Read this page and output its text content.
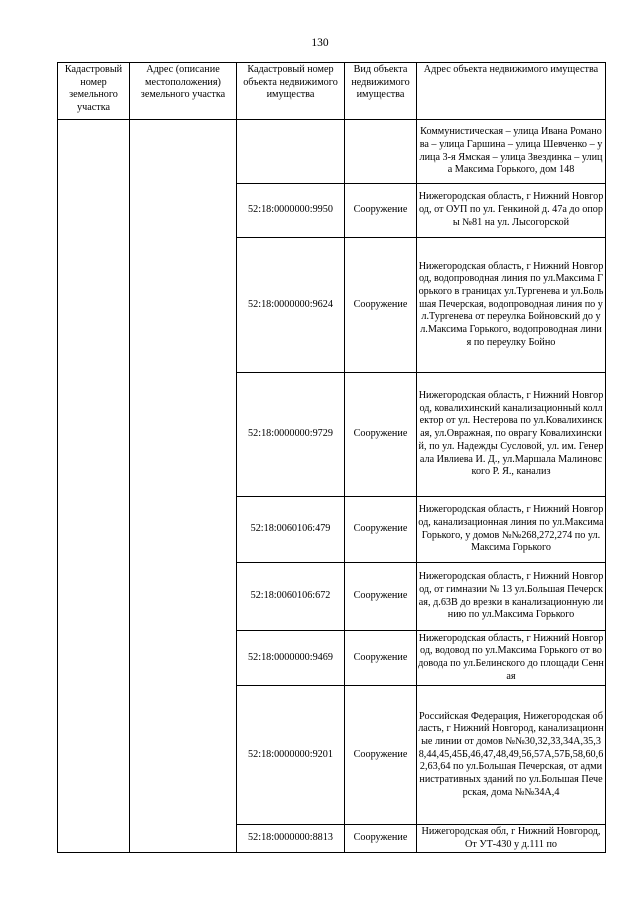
130
Кадастровый номер земельного участка	Адрес (описание местоположения) земельного участка	Кадастровый номер объекта недвижимого имущества	Вид объекта недвижимого имущества	Адрес объекта недвижимого имущества
				Коммунистическая – улица Ивана Романова – улица Гаршина – улица Шевченко – улица 3-я Ямская – улица Звездинка – улица Максима Горького, дом 148
		52:18:0000000:9950	Сооружение	Нижегородская область, г Нижний Новгород, от ОУП по ул. Генкиной д. 47а до опоры №81 на ул. Лысогорской
		52:18:0000000:9624	Сооружение	Нижегородская область, г Нижний Новгород, водопроводная линия по ул.Максима Горького в границах ул.Тургенева и ул.Большая Печерская, водопроводная линия по ул.Тургенева от переулка Бойновский до ул.Максима Горького, водопроводная линия по переулку Бойно
		52:18:0000000:9729	Сооружение	Нижегородская область, г Нижний Новгород, ковалихинский канализационный коллектор от ул. Нестерова по ул.Ковалихинская, ул.Овражная, по оврагу Ковалихинский, по ул. Надежды Сусловой, ул. им. Генерала Ивлиева И. Д., ул.Маршала Малиновского Р. Я., канализ
		52:18:0060106:479	Сооружение	Нижегородская область, г Нижний Новгород, канализационная линия по ул.Максима Горького, у домов №№268,272,274 по ул.Максима Горького
		52:18:0060106:672	Сооружение	Нижегородская область, г Нижний Новгород, от гимназии № 13 ул.Большая Печерская, д.63В до врезки в канализационную линию по ул.Максима Горького
		52:18:0000000:9469	Сооружение	Нижегородская область, г Нижний Новгород, водовод по ул.Максима Горького от водовода по ул.Белинского до площади Сенная
		52:18:0000000:9201	Сооружение	Российская Федерация, Нижегородская область, г Нижний Новгород, канализационные линии от домов №№30,32,33,34А,35,38,44,45,45Б,46,47,48,49,56,57А,57Б,58,60,62,63,64 по ул.Большая Печерская, от административных зданий по ул.Большая Печерская, дома №№34А,4
		52:18:0000000:8813	Сооружение	Нижегородская обл, г Нижний Новгород, От УТ-430 у д.111 по
